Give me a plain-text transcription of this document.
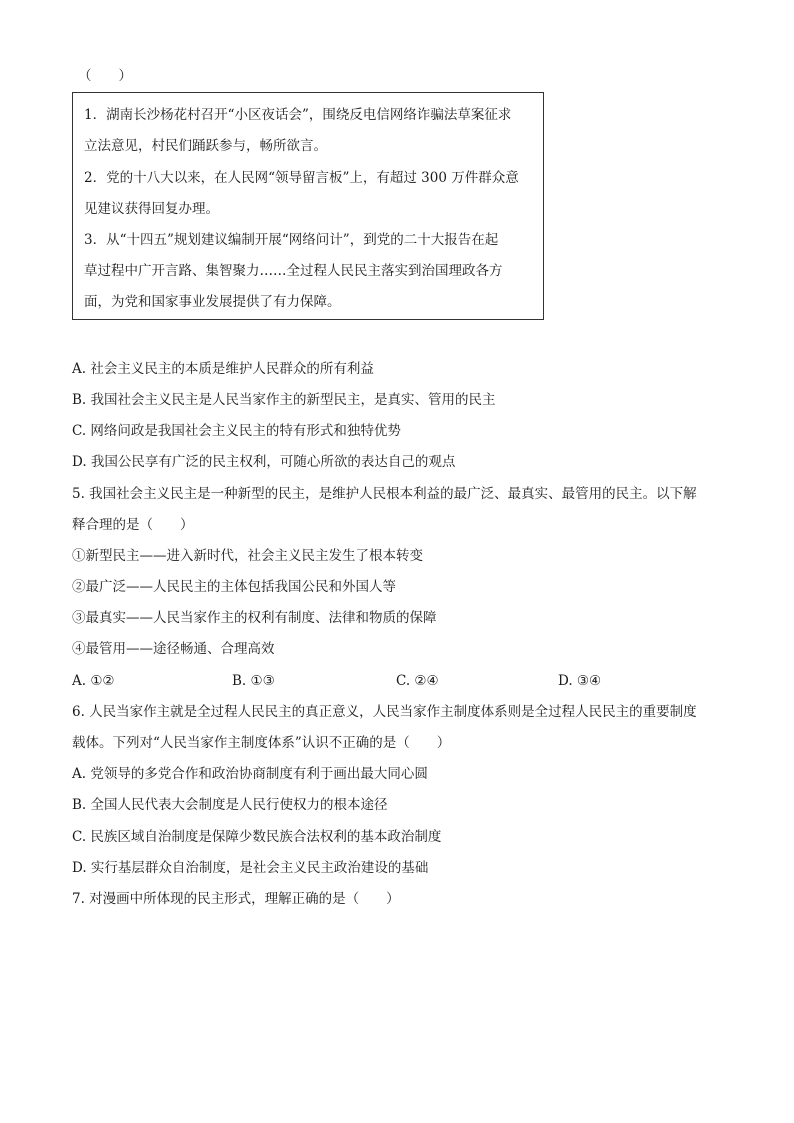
（　　）
1．湖南长沙杨花村召开“小区夜话会”，围绕反电信网络诈骗法草案征求
立法意见，村民们踊跃参与，畅所欲言。
2．党的十八大以来，在人民网“领导留言板”上，有超过 300 万件群众意
见建议获得回复办理。
3．从“十四五”规划建议编制开展“网络问计”，到党的二十大报告在起
草过程中广开言路、集智聚力……全过程人民民主落实到治国理政各方
面，为党和国家事业发展提供了有力保障。
A. 社会主义民主的本质是维护人民群众的所有利益
B. 我国社会主义民主是人民当家作主的新型民主，是真实、管用的民主
C. 网络问政是我国社会主义民主的特有形式和独特优势
D. 我国公民享有广泛的民主权利，可随心所欲的表达自己的观点
5. 我国社会主义民主是一种新型的民主，是维护人民根本利益的最广泛、最真实、最管用的民主。以下解
释合理的是（　　）
①新型民主——进入新时代，社会主义民主发生了根本转变
②最广泛——人民民主的主体包括我国公民和外国人等
③最真实——人民当家作主的权利有制度、法律和物质的保障
④最管用——途径畅通、合理高效
A. ①②	B. ①③	C. ②④	D. ③④
6. 人民当家作主就是全过程人民民主的真正意义，人民当家作主制度体系则是全过程人民民主的重要制度
载体。下列对“人民当家作主制度体系”认识不正确的是（　　）
A. 党领导的多党合作和政治协商制度有利于画出最大同心圆
B. 全国人民代表大会制度是人民行使权力的根本途径
C. 民族区域自治制度是保障少数民族合法权利的基本政治制度
D. 实行基层群众自治制度，是社会主义民主政治建设的基础
7. 对漫画中所体现的民主形式，理解正确的是（　　）
